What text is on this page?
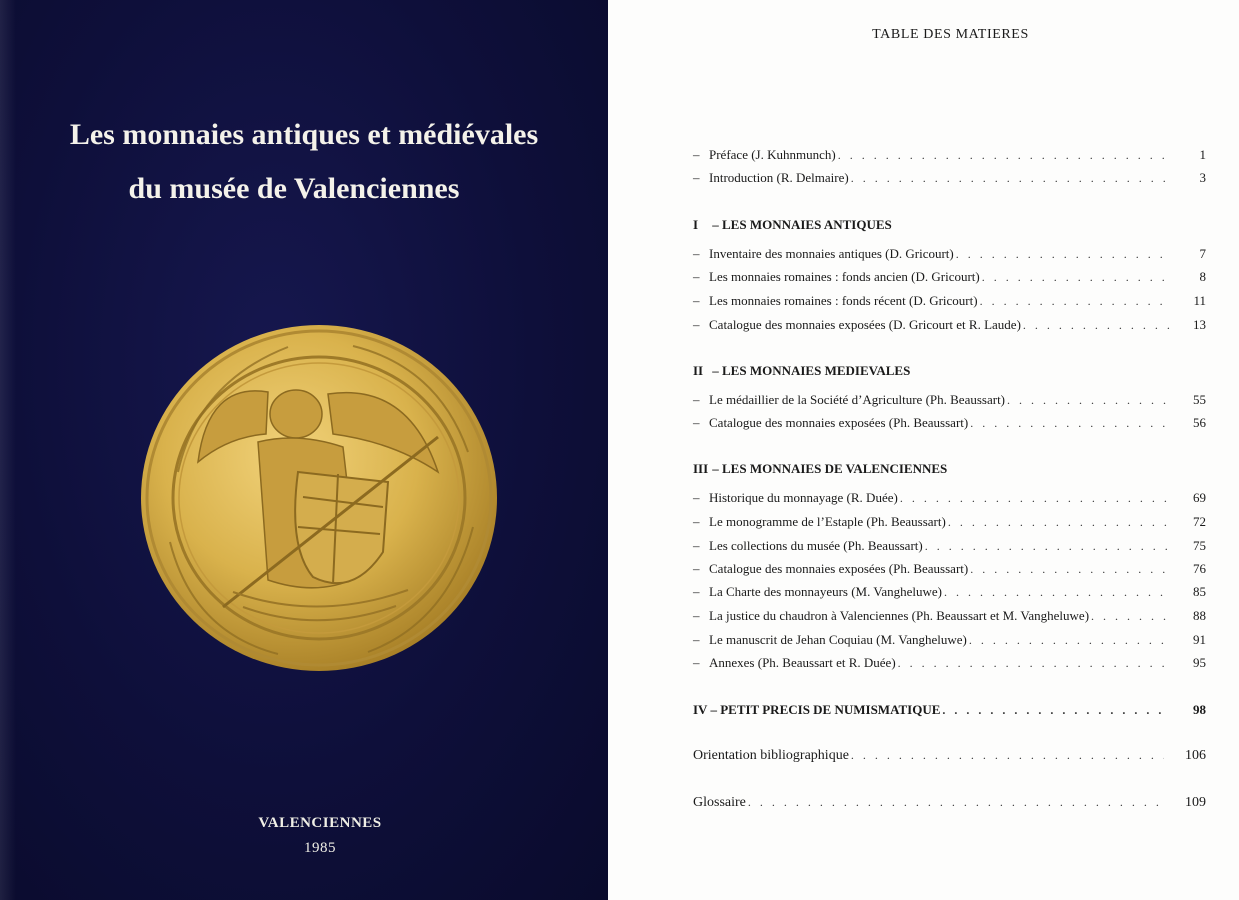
Les monnaies antiques et médiévales
du musée de Valenciennes
VALENCIENNES
1985
TABLE DES MATIERES
– Préface (J. Kuhnmunch) . . .	1
– Introduction (R. Delmaire) . . .	3
I – LES MONNAIES ANTIQUES
– Inventaire des monnaies antiques (D. Gricourt) . . .	7
– Les monnaies romaines : fonds ancien (D. Gricourt) . . .	8
– Les monnaies romaines : fonds récent (D. Gricourt) . . .	11
– Catalogue des monnaies exposées (D. Gricourt et R. Laude) . . .	13
II – LES MONNAIES MEDIEVALES
– Le médaillier de la Société d’Agriculture (Ph. Beaussart) . . .	55
– Catalogue des monnaies exposées (Ph. Beaussart) . . .	56
III – LES MONNAIES DE VALENCIENNES
– Historique du monnayage (R. Duée) . . .	69
– Le monogramme de l’Estaple (Ph. Beaussart) . . .	72
– Les collections du musée (Ph. Beaussart) . . .	75
– Catalogue des monnaies exposées (Ph. Beaussart) . . .	76
– La Charte des monnayeurs (M. Vangheluwe) . . .	85
– La justice du chaudron à Valenciennes (Ph. Beaussart et M. Vangheluwe) . . .	88
– Le manuscrit de Jehan Coquiau (M. Vangheluwe) . . .	91
– Annexes (Ph. Beaussart et R. Duée) . . .	95
IV – PETIT PRECIS DE NUMISMATIQUE . . .	98
Orientation bibliographique . . .	106
Glossaire . . .	109
